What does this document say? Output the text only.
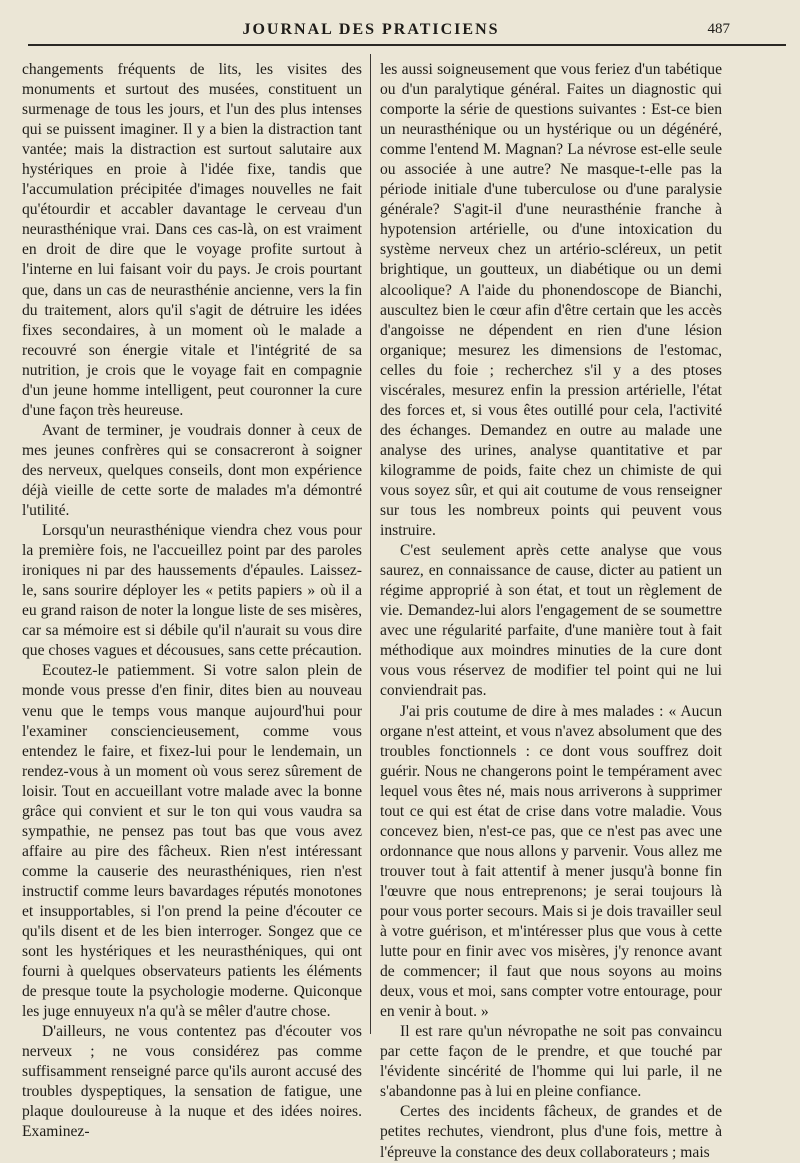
JOURNAL DES PRATICIENS	487

changements fréquents de lits, les visites des monuments et surtout des musées, constituent un surmenage de tous les jours, et l'un des plus intenses qui se puissent imaginer. Il y a bien la distraction tant vantée; mais la distraction est surtout salutaire aux hystériques en proie à l'idée fixe, tandis que l'accumulation précipitée d'images nouvelles ne fait qu'étourdir et accabler davantage le cerveau d'un neurasthénique vrai. Dans ces cas-là, on est vraiment en droit de dire que le voyage profite surtout à l'interne en lui faisant voir du pays. Je crois pourtant que, dans un cas de neurasthénie ancienne, vers la fin du traitement, alors qu'il s'agit de détruire les idées fixes secondaires, à un moment où le malade a recouvré son énergie vitale et l'intégrité de sa nutrition, je crois que le voyage fait en compagnie d'un jeune homme intelligent, peut couronner la cure d'une façon très heureuse.

Avant de terminer, je voudrais donner à ceux de mes jeunes confrères qui se consacreront à soigner des nerveux, quelques conseils, dont mon expérience déjà vieille de cette sorte de malades m'a démontré l'utilité.

Lorsqu'un neurasthénique viendra chez vous pour la première fois, ne l'accueillez point par des paroles ironiques ni par des haussements d'épaules. Laissez-le, sans sourire déployer les « petits papiers » où il a eu grand raison de noter la longue liste de ses misères, car sa mémoire est si débile qu'il n'aurait su vous dire que choses vagues et décousues, sans cette précaution.

Ecoutez-le patiemment. Si votre salon plein de monde vous presse d'en finir, dites bien au nouveau venu que le temps vous manque aujourd'hui pour l'examiner consciencieusement, comme vous entendez le faire, et fixez-lui pour le lendemain, un rendez-vous à un moment où vous serez sûrement de loisir. Tout en accueillant votre malade avec la bonne grâce qui convient et sur le ton qui vous vaudra sa sympathie, ne pensez pas tout bas que vous avez affaire au pire des fâcheux. Rien n'est intéressant comme la causerie des neurasthéniques, rien n'est instructif comme leurs bavardages réputés monotones et insupportables, si l'on prend la peine d'écouter ce qu'ils disent et de les bien interroger. Songez que ce sont les hystériques et les neurasthéniques, qui ont fourni à quelques observateurs patients les éléments de presque toute la psychologie moderne. Quiconque les juge ennuyeux n'a qu'à se mêler d'autre chose.

D'ailleurs, ne vous contentez pas d'écouter vos nerveux ; ne vous considérez pas comme suffisamment renseigné parce qu'ils auront accusé des troubles dyspeptiques, la sensation de fatigue, une plaque douloureuse à la nuque et des idées noires. Examinez-

les aussi soigneusement que vous feriez d'un tabétique ou d'un paralytique général. Faites un diagnostic qui comporte la série de questions suivantes : Est-ce bien un neurasthénique ou un hystérique ou un dégénéré, comme l'entend M. Magnan? La névrose est-elle seule ou associée à une autre? Ne masque-t-elle pas la période initiale d'une tuberculose ou d'une paralysie générale? S'agit-il d'une neurasthénie franche à hypotension artérielle, ou d'une intoxication du système nerveux chez un artério-scléreux, un petit brightique, un goutteux, un diabétique ou un demi alcoolique? A l'aide du phonendoscope de Bianchi, auscultez bien le cœur afin d'être certain que les accès d'angoisse ne dépendent en rien d'une lésion organique; mesurez les dimensions de l'estomac, celles du foie ; recherchez s'il y a des ptoses viscérales, mesurez enfin la pression artérielle, l'état des forces et, si vous êtes outillé pour cela, l'activité des échanges. Demandez en outre au malade une analyse des urines, analyse quantitative et par kilogramme de poids, faite chez un chimiste de qui vous soyez sûr, et qui ait coutume de vous renseigner sur tous les nombreux points qui peuvent vous instruire.

C'est seulement après cette analyse que vous saurez, en connaissance de cause, dicter au patient un régime approprié à son état, et tout un règlement de vie. Demandez-lui alors l'engagement de se soumettre avec une régularité parfaite, d'une manière tout à fait méthodique aux moindres minuties de la cure dont vous vous réservez de modifier tel point qui ne lui conviendrait pas.

J'ai pris coutume de dire à mes malades : « Aucun organe n'est atteint, et vous n'avez absolument que des troubles fonctionnels : ce dont vous souffrez doit guérir. Nous ne changerons point le tempérament avec lequel vous êtes né, mais nous arriverons à supprimer tout ce qui est état de crise dans votre maladie. Vous concevez bien, n'est-ce pas, que ce n'est pas avec une ordonnance que nous allons y parvenir. Vous allez me trouver tout à fait attentif à mener jusqu'à bonne fin l'œuvre que nous entreprenons; je serai toujours là pour vous porter secours. Mais si je dois travailler seul à votre guérison, et m'intéresser plus que vous à cette lutte pour en finir avec vos misères, j'y renonce avant de commencer; il faut que nous soyons au moins deux, vous et moi, sans compter votre entourage, pour en venir à bout. »

Il est rare qu'un névropathe ne soit pas convaincu par cette façon de le prendre, et que touché par l'évidente sincérité de l'homme qui lui parle, il ne s'abandonne pas à lui en pleine confiance.

Certes des incidents fâcheux, de grandes et de petites rechutes, viendront, plus d'une fois, mettre à l'épreuve la constance des deux collaborateurs ; mais
